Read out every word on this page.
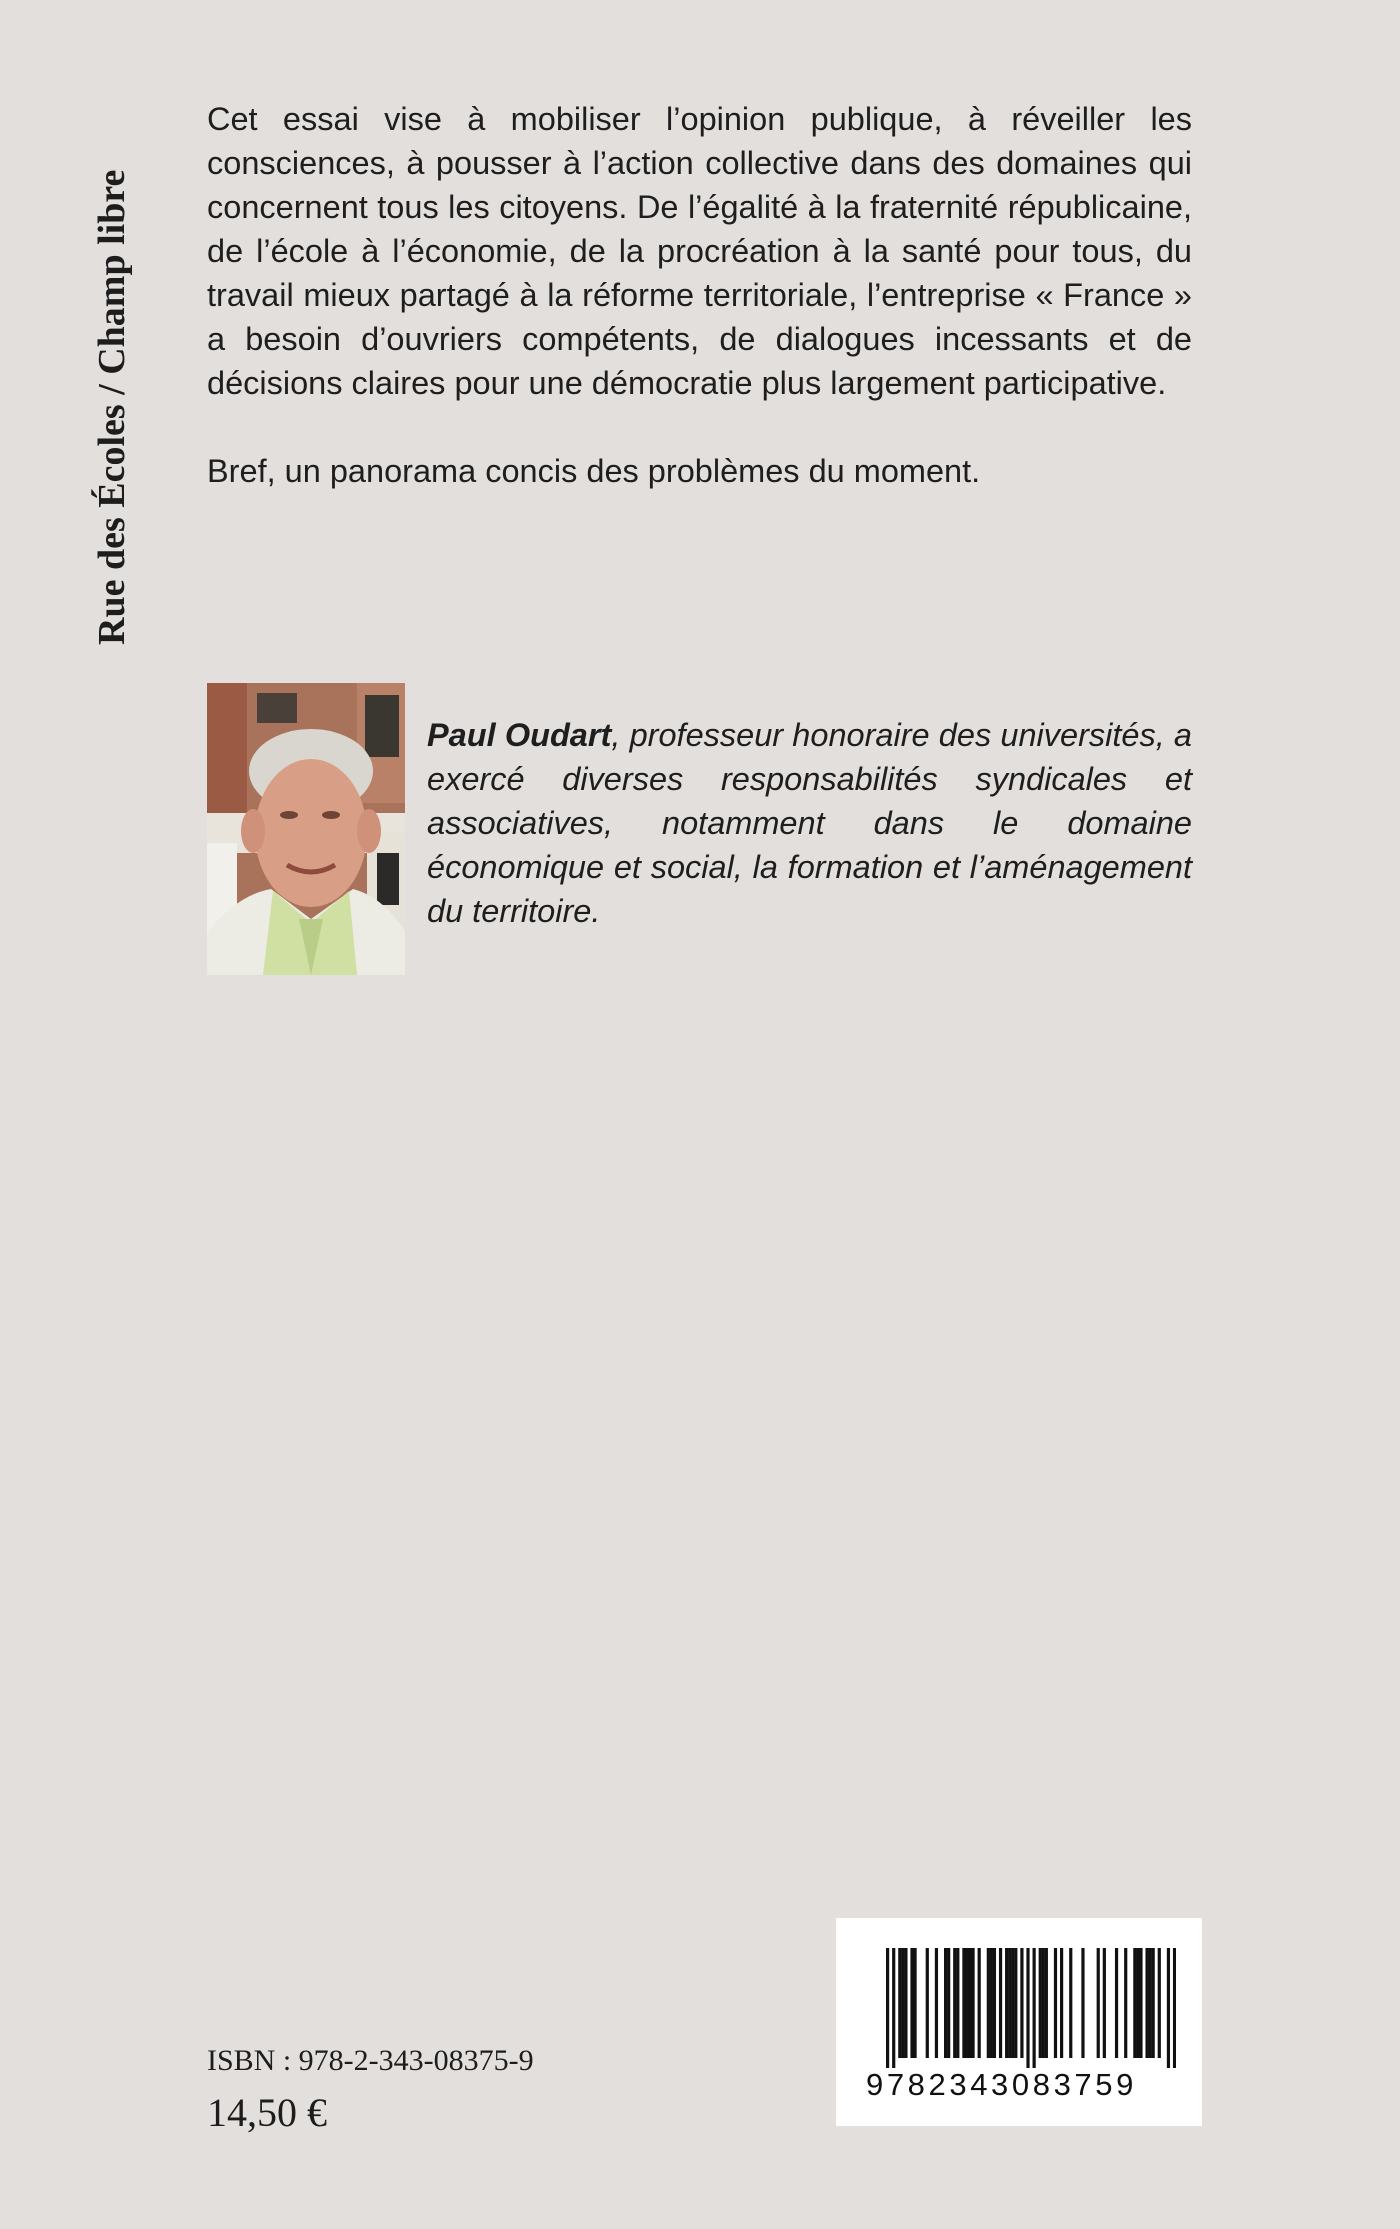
Rue des Écoles / Champ libre

Cet essai vise à mobiliser l’opinion publique, à réveiller les consciences, à pousser à l’action collective dans des domaines qui concernent tous les citoyens. De l’égalité à la fraternité républicaine, de l’école à l’économie, de la procréation à la santé pour tous, du travail mieux partagé à la réforme territoriale, l’entreprise « France » a besoin d’ouvriers compétents, de dialogues incessants et de décisions claires pour une démocratie plus largement participative.

Bref, un panorama concis des problèmes du moment.

Paul Oudart, professeur honoraire des universités, a exercé diverses responsabilités syndicales et associatives, notamment dans le domaine économique et social, la formation et l’aménagement du territoire.

ISBN : 978-2-343-08375-9
14,50 €
9782343083759
